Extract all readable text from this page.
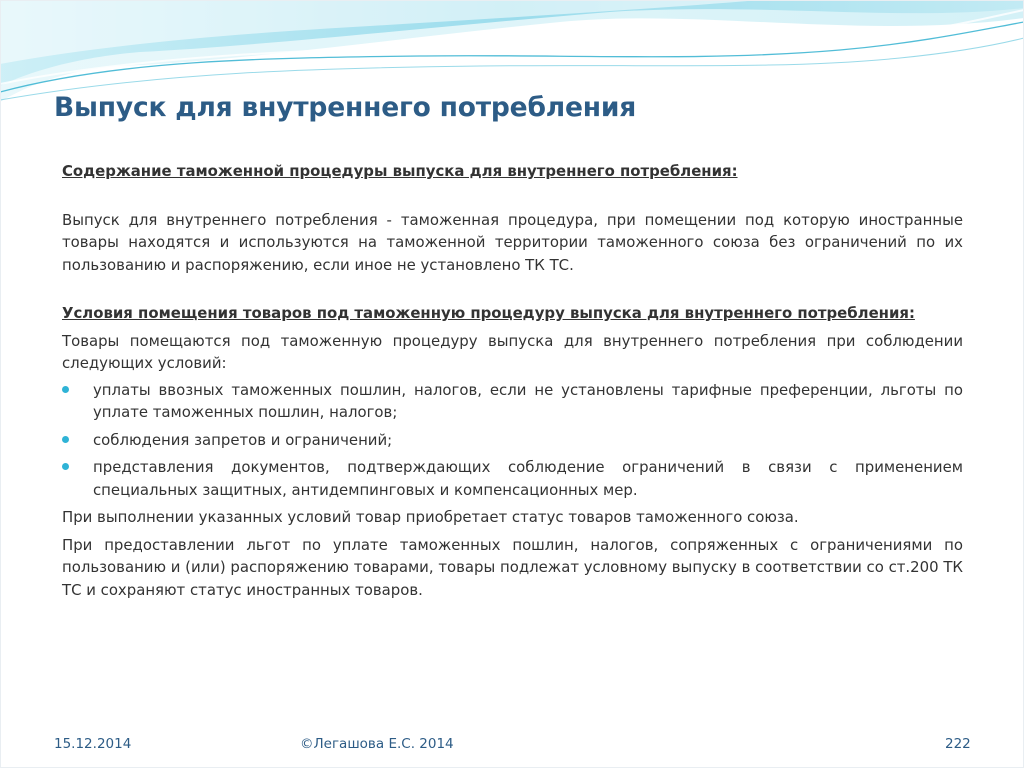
Выпуск для внутреннего потребления

Содержание таможенной процедуры выпуска для внутреннего потребления:

Выпуск для внутреннего потребления - таможенная процедура, при помещении под которую иностранные товары находятся и используются на таможенной территории таможенного союза без ограничений по их пользованию и распоряжению, если иное не установлено ТК ТС.

Условия помещения товаров под таможенную процедуру выпуска для внутреннего потребления:

Товары помещаются под таможенную процедуру выпуска для внутреннего потребления при соблюдении следующих условий:

уплаты ввозных таможенных пошлин, налогов, если не установлены тарифные преференции, льготы по уплате таможенных пошлин, налогов;
соблюдения запретов и ограничений;
представления документов, подтверждающих соблюдение ограничений в связи с применением специальных защитных, антидемпинговых и компенсационных мер.

При выполнении указанных условий товар приобретает статус товаров таможенного союза.

При предоставлении льгот по уплате таможенных пошлин, налогов, сопряженных с ограничениями по пользованию и (или) распоряжению товарами, товары подлежат условному выпуску в соответствии со ст.200 ТК ТС и сохраняют статус иностранных товаров.

15.12.2014	©Легашова Е.С. 2014	222
